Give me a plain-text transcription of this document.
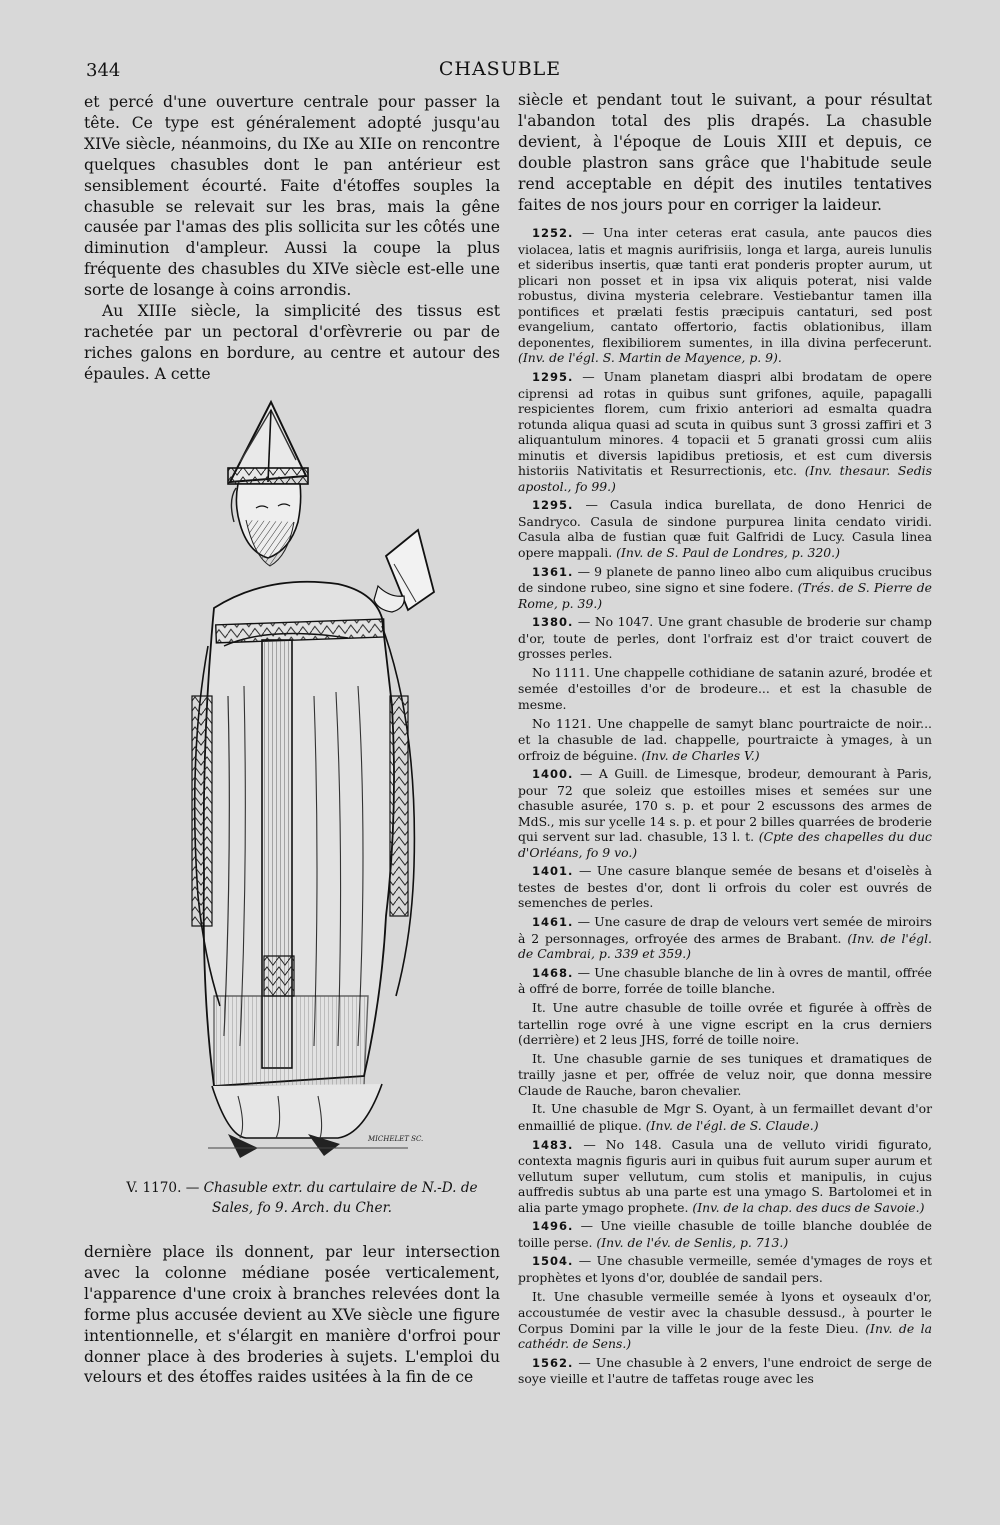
344	CHASUBLE

et percé d'une ouverture centrale pour passer la tête. Ce type est généralement adopté jusqu'au XIVe siècle, néanmoins, du IXe au XIIe on rencontre quelques chasubles dont le pan antérieur est sensiblement écourté. Faite d'étoffes souples la chasuble se relevait sur les bras, mais la gêne causée par l'amas des plis sollicita sur les côtés une diminution d'ampleur. Aussi la coupe la plus fréquente des chasubles du XIVe siècle est-elle une sorte de losange à coins arrondis.

Au XIIIe siècle, la simplicité des tissus est rachetée par un pectoral d'orfèvrerie ou par de riches galons en bordure, au centre et autour des épaules. A cette

MICHELET SC.
V. 1170. — Chasuble extr. du cartulaire de N.-D. de Sales, fo 9. Arch. du Cher.

dernière place ils donnent, par leur intersection avec la colonne médiane posée verticalement, l'apparence d'une croix à branches relevées dont la forme plus accusée devient au XVe siècle une figure intentionnelle, et s'élargit en manière d'orfroi pour donner place à des broderies à sujets. L'emploi du velours et des étoffes raides usitées à la fin de ce

siècle et pendant tout le suivant, a pour résultat l'abandon total des plis drapés. La chasuble devient, à l'époque de Louis XIII et depuis, ce double plastron sans grâce que l'habitude seule rend acceptable en dépit des inutiles tentatives faites de nos jours pour en corriger la laideur.

1252. — Una inter ceteras erat casula, ante paucos dies violacea, latis et magnis aurifrisiis, longa et larga, aureis lunulis et sideribus insertis, quæ tanti erat ponderis propter aurum, ut plicari non posset et in ipsa vix aliquis poterat, nisi valde robustus, divina mysteria celebrare. Vestiebantur tamen illa pontifices et prælati festis præcipuis cantaturi, sed post evangelium, cantato offertorio, factis oblationibus, illam deponentes, flexibiliorem sumentes, in illa divina perfecerunt. (Inv. de l'égl. S. Martin de Mayence, p. 9).

1295. — Unam planetam diaspri albi brodatam de opere ciprensi ad rotas in quibus sunt grifones, aquile, papagalli respicientes florem, cum frixio anteriori ad esmalta quadra rotunda aliqua quasi ad scuta in quibus sunt 3 grossi zaffiri et 3 aliquantulum minores. 4 topacii et 5 granati grossi cum aliis minutis et diversis lapidibus pretiosis, et est cum diversis historiis Nativitatis et Resurrectionis, etc. (Inv. thesaur. Sedis apostol., fo 99.)

1295. — Casula indica burellata, de dono Henrici de Sandryco. Casula de sindone purpurea linita cendato viridi. Casula alba de fustian quæ fuit Galfridi de Lucy. Casula linea opere mappali. (Inv. de S. Paul de Londres, p. 320.)

1361. — 9 planete de panno lineo albo cum aliquibus crucibus de sindone rubeo, sine signo et sine fodere. (Trés. de S. Pierre de Rome, p. 39.)

1380. — No 1047. Une grant chasuble de broderie sur champ d'or, toute de perles, dont l'orfraiz est d'or traict couvert de grosses perles.

No 1111. Une chappelle cothidiane de satanin azuré, brodée et semée d'estoilles d'or de brodeure... et est la chasuble de mesme.

No 1121. Une chappelle de samyt blanc pourtraicte de noir... et la chasuble de lad. chappelle, pourtraicte à ymages, à un orfroiz de béguine. (Inv. de Charles V.)

1400. — A Guill. de Limesque, brodeur, demourant à Paris, pour 72 que soleiz que estoilles mises et semées sur une chasuble asurée, 170 s. p. et pour 2 escussons des armes de MdS., mis sur ycelle 14 s. p. et pour 2 billes quarrées de broderie qui servent sur lad. chasuble, 13 l. t. (Cpte des chapelles du duc d'Orléans, fo 9 vo.)

1401. — Une casure blanque semée de besans et d'oiselès à testes de bestes d'or, dont li orfrois du coler est ouvrés de semenches de perles.

1461. — Une casure de drap de velours vert semée de miroirs à 2 personnages, orfroyée des armes de Brabant. (Inv. de l'égl. de Cambrai, p. 339 et 359.)

1468. — Une chasuble blanche de lin à ovres de mantil, offrée à offré de borre, forrée de toille blanche.

It. Une autre chasuble de toille ovrée et figurée à offrès de tartellin roge ovré à une vigne escript en la crus derniers (derrière) et 2 leus JHS, forré de toille noire.

It. Une chasuble garnie de ses tuniques et dramatiques de trailly jasne et per, offrée de veluz noir, que donna messire Claude de Rauche, baron chevalier.

It. Une chasuble de Mgr S. Oyant, à un fermaillet devant d'or enmaillié de plique. (Inv. de l'égl. de S. Claude.)

1483. — No 148. Casula una de velluto viridi figurato, contexta magnis figuris auri in quibus fuit aurum super aurum et vellutum super vellutum, cum stolis et manipulis, in cujus auffredis subtus ab una parte est una ymago S. Bartolomei et in alia parte ymago prophete. (Inv. de la chap. des ducs de Savoie.)

1496. — Une vieille chasuble de toille blanche doublée de toille perse. (Inv. de l'év. de Senlis, p. 713.)

1504. — Une chasuble vermeille, semée d'ymages de roys et prophètes et lyons d'or, doublée de sandail pers.

It. Une chasuble vermeille semée à lyons et oyseaulx d'or, accoustumée de vestir avec la chasuble dessusd., à pourter le Corpus Domini par la ville le jour de la feste Dieu. (Inv. de la cathédr. de Sens.)

1562. — Une chasuble à 2 envers, l'une endroict de serge de soye vieille et l'autre de taffetas rouge avec les
